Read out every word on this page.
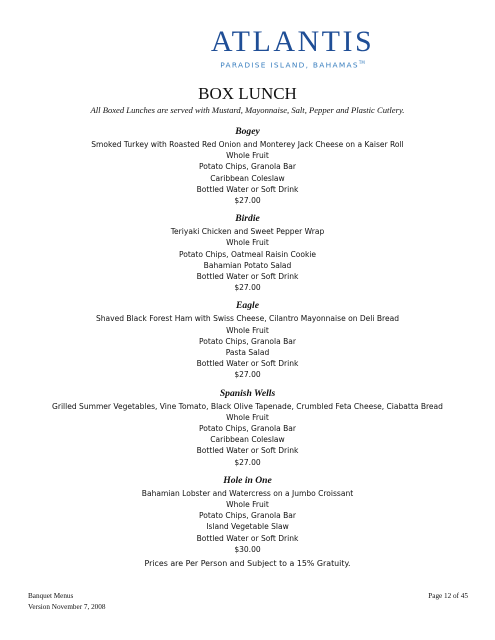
ATLANTIS
PARADISE ISLAND, BAHAMAS™
BOX LUNCH
All Boxed Lunches are served with Mustard, Mayonnaise, Salt, Pepper and Plastic Cutlery.
Bogey
Smoked Turkey with Roasted Red Onion and Monterey Jack Cheese on a Kaiser Roll
Whole Fruit
Potato Chips, Granola Bar
Caribbean Coleslaw
Bottled Water or Soft Drink
$27.00
Birdie
Teriyaki Chicken and Sweet Pepper Wrap
Whole Fruit
Potato Chips, Oatmeal Raisin Cookie
Bahamian Potato Salad
Bottled Water or Soft Drink
$27.00
Eagle
Shaved Black Forest Ham with Swiss Cheese, Cilantro Mayonnaise on Deli Bread
Whole Fruit
Potato Chips, Granola Bar
Pasta Salad
Bottled Water or Soft Drink
$27.00
Spanish Wells
Grilled Summer Vegetables, Vine Tomato, Black Olive Tapenade, Crumbled Feta Cheese, Ciabatta Bread
Whole Fruit
Potato Chips, Granola Bar
Caribbean Coleslaw
Bottled Water or Soft Drink
$27.00
Hole in One
Bahamian Lobster and Watercress on a Jumbo Croissant
Whole Fruit
Potato Chips, Granola Bar
Island Vegetable Slaw
Bottled Water or Soft Drink
$30.00
Prices are Per Person and Subject to a 15% Gratuity.
Banquet Menus
Version November 7, 2008
Page 12 of 45
